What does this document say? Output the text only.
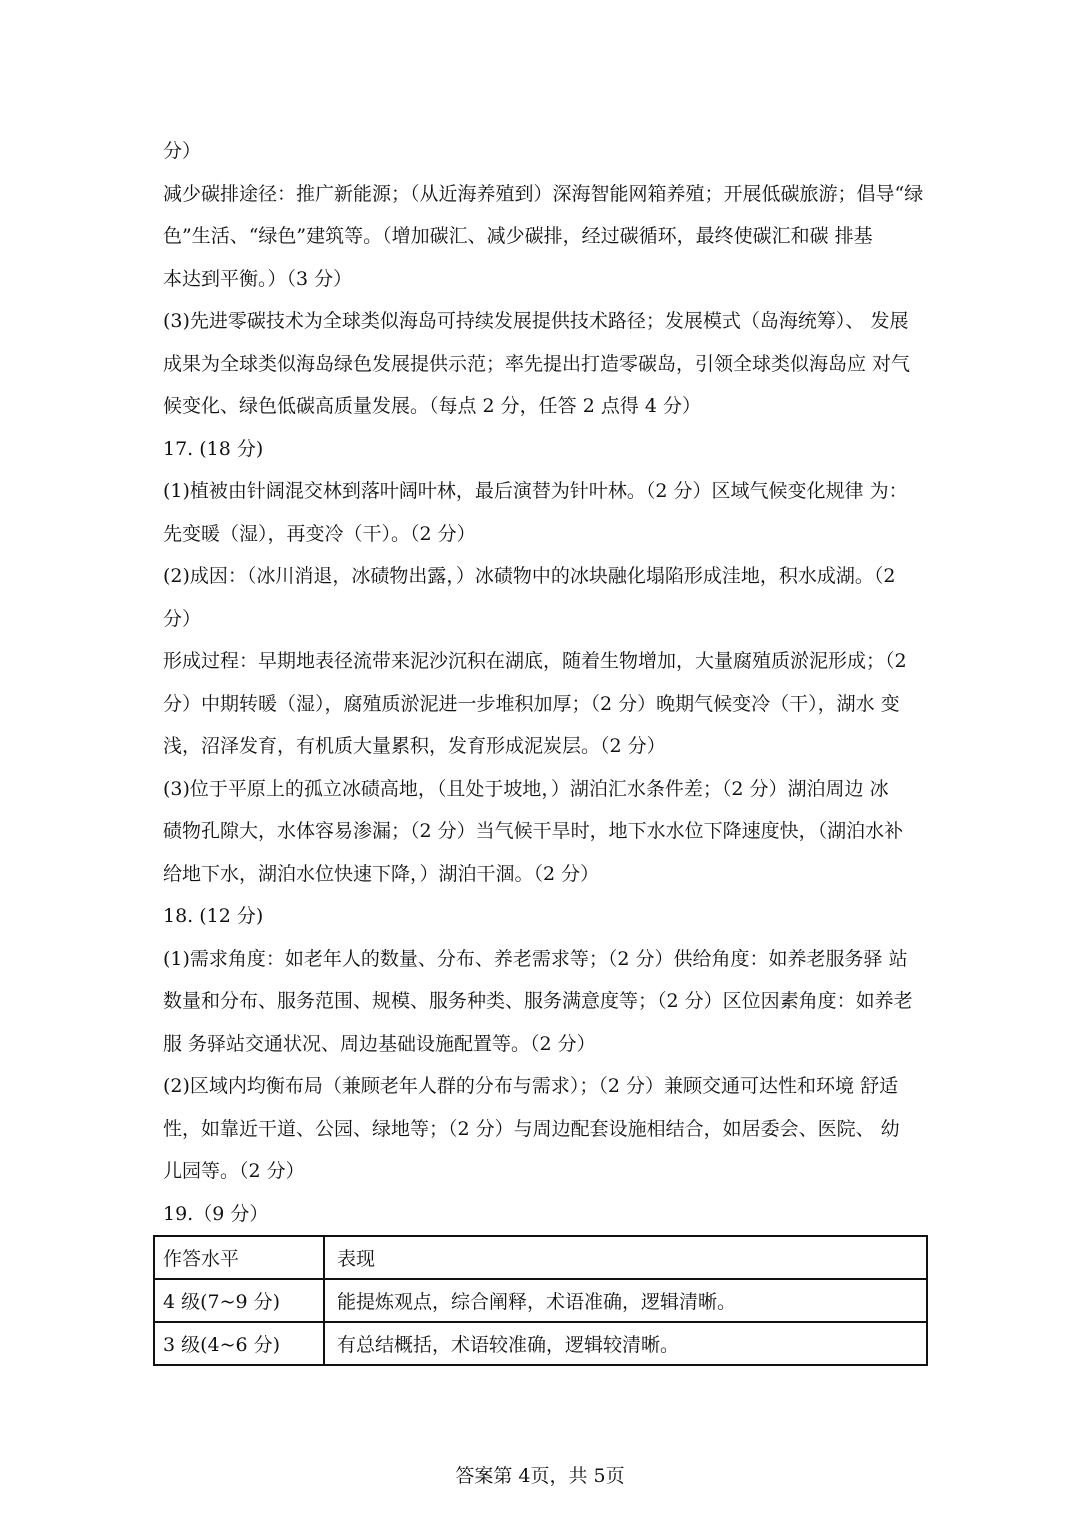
分）
减少碳排途径：推广新能源；（从近海养殖到）深海智能网箱养殖；开展低碳旅游；倡导“绿
色”生活、“绿色”建筑等。（增加碳汇、减少碳排，经过碳循环，最终使碳汇和碳 排基
本达到平衡。）（3 分）
(3)先进零碳技术为全球类似海岛可持续发展提供技术路径；发展模式（岛海统筹）、 发展
成果为全球类似海岛绿色发展提供示范；率先提出打造零碳岛，引领全球类似海岛应 对气
候变化、绿色低碳高质量发展。（每点 2 分，任答 2 点得 4 分）
17. (18 分)
(1)植被由针阔混交林到落叶阔叶林，最后演替为针叶林。（2 分）区域气候变化规律 为：
先变暖（湿），再变冷（干）。（2 分）
(2)成因：（冰川消退，冰碛物出露，）冰碛物中的冰块融化塌陷形成洼地，积水成湖。（2
分）
形成过程：早期地表径流带来泥沙沉积在湖底，随着生物增加，大量腐殖质淤泥形成；（2
分）中期转暖（湿），腐殖质淤泥进一步堆积加厚；（2 分）晚期气候变冷（干），湖水 变
浅，沼泽发育，有机质大量累积，发育形成泥炭层。（2 分）
(3)位于平原上的孤立冰碛高地，（且处于坡地，）湖泊汇水条件差；（2 分）湖泊周边 冰
碛物孔隙大，水体容易渗漏；（2 分）当气候干旱时，地下水水位下降速度快，（湖泊水补
给地下水，湖泊水位快速下降，）湖泊干涸。（2 分）
18. (12 分)
(1)需求角度：如老年人的数量、分布、养老需求等；（2 分）供给角度：如养老服务驿 站
数量和分布、服务范围、规模、服务种类、服务满意度等；（2 分）区位因素角度：如养老
服 务驿站交通状况、周边基础设施配置等。（2 分）
(2)区域内均衡布局（兼顾老年人群的分布与需求）；（2 分）兼顾交通可达性和环境 舒适
性，如靠近干道、公园、绿地等；（2 分）与周边配套设施相结合，如居委会、医院、 幼
儿园等。（2 分）
19.（9 分）
作答水平	表现
4 级(7~9 分)	能提炼观点，综合阐释，术语准确，逻辑清晰。
3 级(4~6 分)	有总结概括，术语较准确，逻辑较清晰。
答案第 4页，共 5页
